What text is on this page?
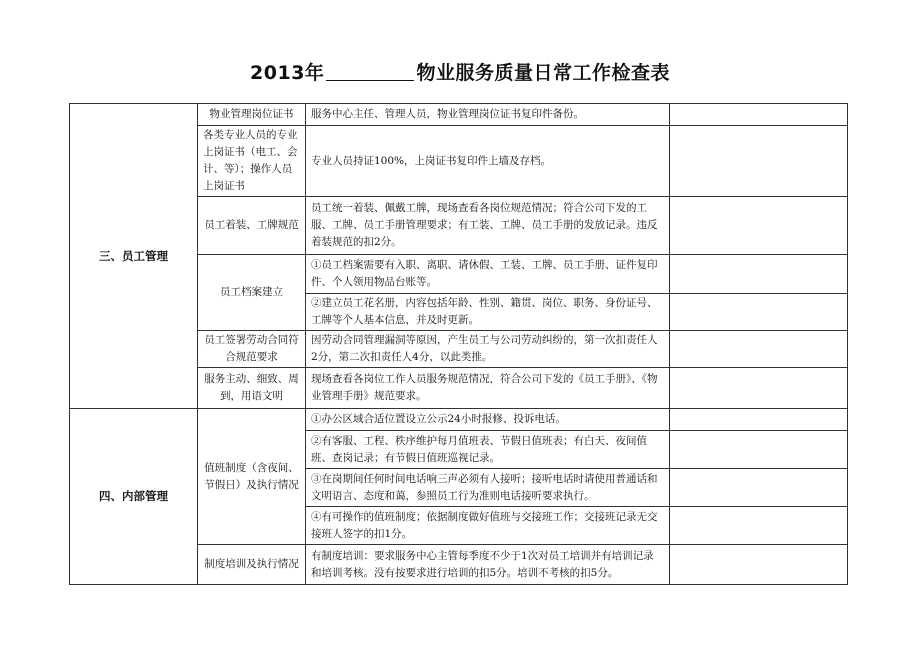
2013年	物业服务质量日常工作检查表
三、员工管理	物业管理岗位证书	服务中心主任、管理人员，物业管理岗位证书复印件备份。	
	各类专业人员的专业上岗证书（电工、会计、等）；操作人员上岗证书	专业人员持证100%，上岗证书复印件上墙及存档。	
	员工着装、工牌规范	员工统一着装、佩戴工牌，现场查看各岗位规范情况；符合公司下发的工服、工牌、员工手册管理要求；有工装、工牌、员工手册的发放记录。违反着装规范的扣2分。	
	员工档案建立	①员工档案需要有入职、离职、请休假、工装、工牌、员工手册、证件复印件、个人领用物品台账等。	
		②建立员工花名册，内容包括年龄、性别、籍贯、岗位、职务、身份证号、工牌等个人基本信息，并及时更新。	
	员工签署劳动合同符合规范要求	因劳动合同管理漏洞等原因，产生员工与公司劳动纠纷的，第一次扣责任人2分，第二次扣责任人4分，以此类推。	
	服务主动、细致、周到，用语文明	现场查看各岗位工作人员服务规范情况，符合公司下发的《员工手册》、《物业管理手册》规范要求。	
四、内部管理	值班制度（含夜间、节假日）及执行情况	①办公区域合适位置设立公示24小时报修、投诉电话。	
		②有客服、工程、秩序维护每月值班表、节假日值班表；有白天、夜间值班、查岗记录；有节假日值班巡视记录。	
		③在岗期间任何时间电话响三声必须有人接听；接听电话时请使用普通话和文明语言、态度和蔼，参照员工行为准则电话接听要求执行。	
		④有可操作的值班制度；依据制度做好值班与交接班工作；交接班记录无交接班人签字的扣1分。	
	制度培训及执行情况	有制度培训：要求服务中心主管每季度不少于1次对员工培训并有培训记录和培训考核。没有按要求进行培训的扣5分。培训不考核的扣5分。	
